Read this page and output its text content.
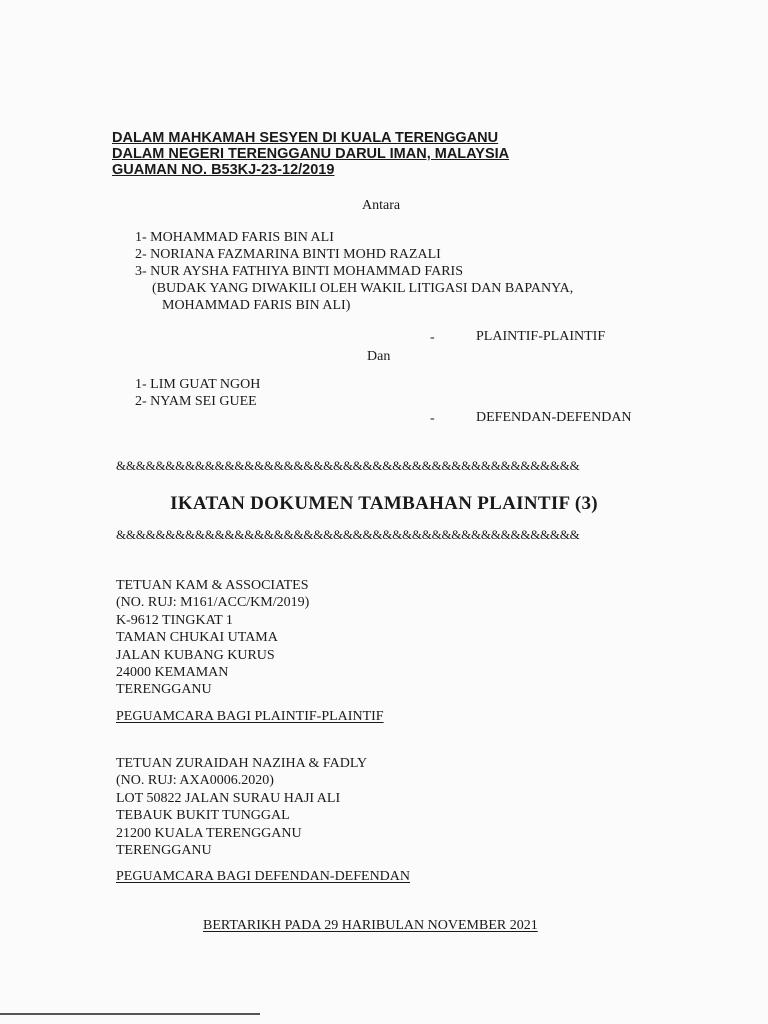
DALAM MAHKAMAH SESYEN DI KUALA TERENGGANU
DALAM NEGERI TERENGGANU DARUL IMAN, MALAYSIA
GUAMAN NO. B53KJ-23-12/2019
Antara
1- MOHAMMAD FARIS BIN ALI
2- NORIANA FAZMARINA BINTI MOHD RAZALI
3- NUR AYSHA FATHIYA BINTI MOHAMMAD FARIS
(BUDAK YANG DIWAKILI OLEH WAKIL LITIGASI DAN BAPANYA,
MOHAMMAD FARIS BIN ALI)
-	PLAINTIF-PLAINTIF
Dan
1- LIM GUAT NGOH
2- NYAM SEI GUEE
-	DEFENDAN-DEFENDAN
&&&&&&&&&&&&&&&&&&&&&&&&&&&&&&&&&&&&&&&&&&&&&&&
IKATAN DOKUMEN TAMBAHAN PLAINTIF (3)
&&&&&&&&&&&&&&&&&&&&&&&&&&&&&&&&&&&&&&&&&&&&&&&
TETUAN KAM & ASSOCIATES
(NO. RUJ: M161/ACC/KM/2019)
K-9612 TINGKAT 1
TAMAN CHUKAI UTAMA
JALAN KUBANG KURUS
24000 KEMAMAN
TERENGGANU
PEGUAMCARA BAGI PLAINTIF-PLAINTIF
TETUAN ZURAIDAH NAZIHA & FADLY
(NO. RUJ: AXA0006.2020)
LOT 50822 JALAN SURAU HAJI ALI
TEBAUK BUKIT TUNGGAL
21200 KUALA TERENGGANU
TERENGGANU
PEGUAMCARA BAGI DEFENDAN-DEFENDAN
BERTARIKH PADA 29 HARIBULAN NOVEMBER 2021
